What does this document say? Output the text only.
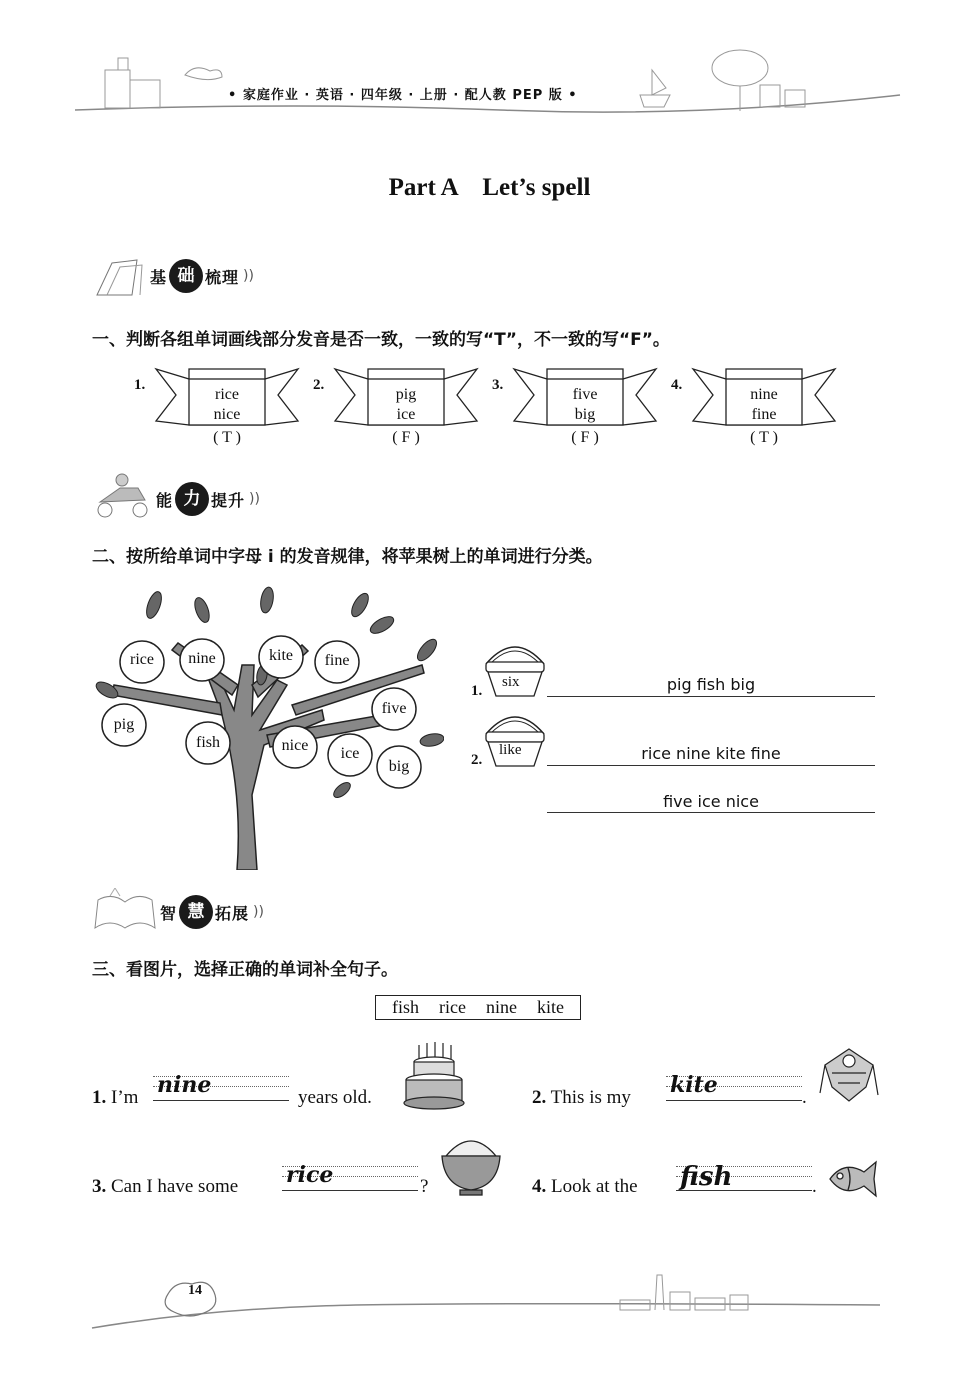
• 家庭作业 · 英语 · 四年级 · 上册 · 配人教 PEP 版 •
Part A　Let’s spell
基 础 梳理 ))
一、判断各组单词画线部分发音是否一致，一致的写“T”，不一致的写“F”。
1.
rice
nice
( T )
2.
pig
ice
( F )
3.
five
big
( F )
4.
nine
fine
( T )
能 力 提升 ))
二、按所给单词中字母 i 的发音规律，将苹果树上的单词进行分类。
rice	nine	kite	fine
five
pig
fish	nice	ice
big
1.
six	pig fish big
2.
like	rice nine kite fine
five ice nice
智 慧 拓展 ))
三、看图片，选择正确的单词补全句子。
fish rice nine kite
1. I’m nine	years old.	2. This is my kite	.
3. Can I have some rice	?	4. Look at the fish	.
14
